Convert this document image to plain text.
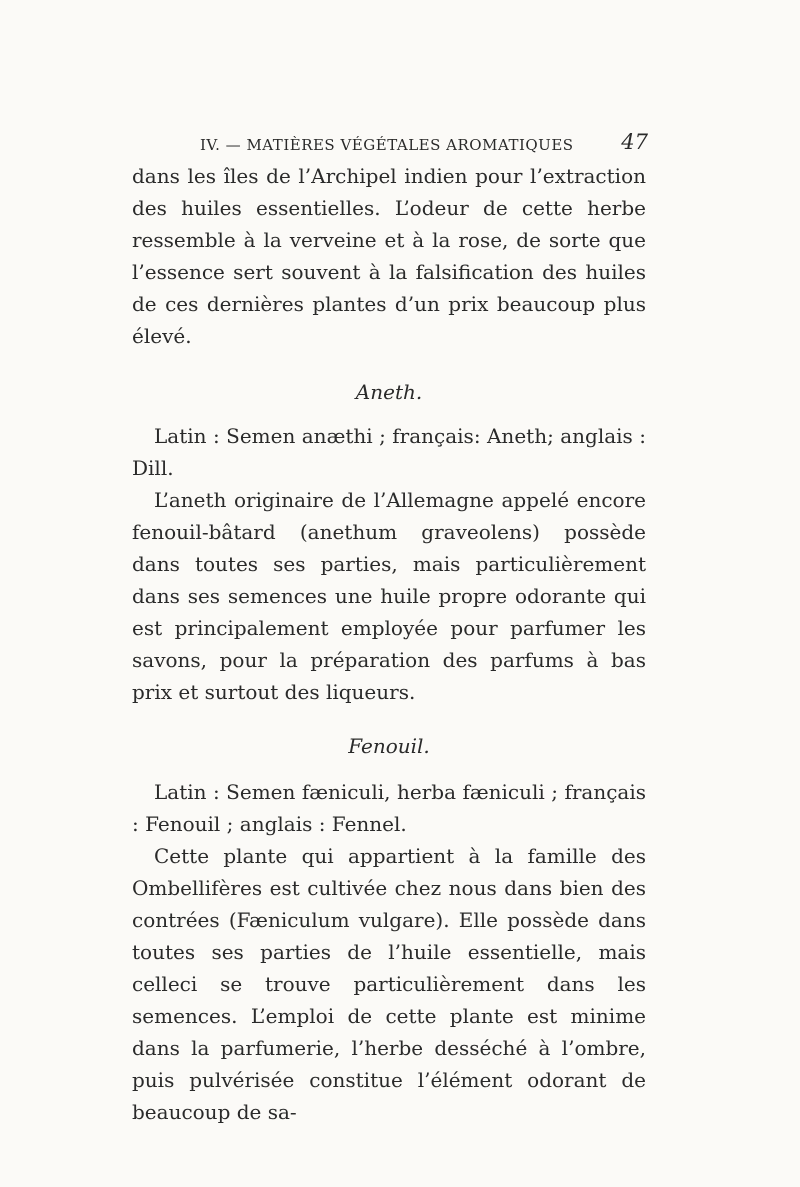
IV. — MATIÈRES VÉGÉTALES AROMATIQUES 47

dans les îles de l’Archipel indien pour l’extraction des huiles essentielles. L’odeur de cette herbe ressemble à la verveine et à la rose, de sorte que l’essence sert souvent à la falsification des huiles de ces dernières plantes d’un prix beaucoup plus élevé.

Aneth.

Latin : Semen anæthi ; français: Aneth; anglais : Dill.

L’aneth originaire de l’Allemagne appelé encore fenouil-bâtard (anethum graveolens) possède dans toutes ses parties, mais particulièrement dans ses semences une huile propre odorante qui est principalement employée pour parfumer les savons, pour la préparation des parfums à bas prix et surtout des liqueurs.

Fenouil.

Latin : Semen fæniculi, herba fæniculi ; français : Fenouil ; anglais : Fennel.

Cette plante qui appartient à la famille des Ombellifères est cultivée chez nous dans bien des contrées (Fæniculum vulgare). Elle possède dans toutes ses parties de l’huile essentielle, mais celleci se trouve particulièrement dans les semences. L’emploi de cette plante est minime dans la parfumerie, l’herbe desséché à l’ombre, puis pulvérisée constitue l’élément odorant de beaucoup de sa-
